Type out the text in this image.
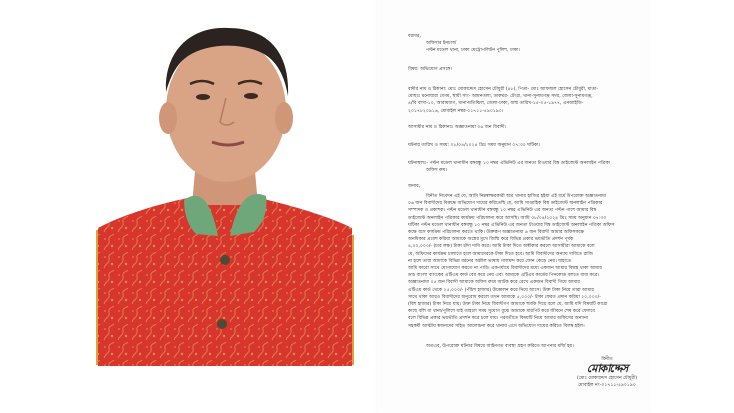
বরাবর,
অফিসার ইনচার্জ
পল্টন মডেল থানা, ঢাকা মেট্রোপলিটন পুলিশ, ঢাকা।
বিষয়: অভিযোগ প্রসঙ্গে।
বাদীর নাম ও ঠিকানা: মোঃ মোকাদ্দেস হোসেন চৌধুরী (৪৮), পিতা- মোঃ আফজল হোসেন চৌধুরী, মাতা-
মোছাঃ মনোয়ারা বেগম, স্থায়ী সাং- আমনতলা, ডাকঘর- টেংরা, থানা-সুনামগঞ্জ সদর, জেলা-সুনামগঞ্জ,
৪/বি বাসা-১০, আরামবাগ, থানা-মতিঝিল, জেলা-ঢাকা, জন্ম তারিখ-১৫-০৫-১৯৭৭, এনআইডি-
২০১৭৮২০৯১৬, মোবাইল নম্বর-০১৭১১-৫৯০১৯০।
আসামীর নাম ও ঠিকানাঃ অজ্ঞাতনামা ০৬ জন বিবাদী।
ঘটনার তারিখ ও সময়: ০৮/০৪/২০২৪ খ্রিঃ সময় অনুমান ০৭:৩০ ঘটিকা।
ঘটনাস্থলঃ- পল্টন মডেল থানাধীন বঙ্গবন্ধু ১০ নম্বর এভিনিউ এর জনতা টাওয়ার বিশ্ব ডাইজেস্ট অনলাইন পত্রিকা
অফিস রুম।
জনাব,
বিনীত নিবেদন এই যে, আমি নিম্নস্বাক্ষরকারী অত্র থানায় হাজির হইয়া এই মর্মে উপরোক্ত অজ্ঞাতনামা
০৬ জন বিবাদীদের বিরুদ্ধে অভিযোগ দায়ের করিতেছি যে, আমি সাপ্তাহিক বিশ্ব ডাইজেস্ট অনলাইন পত্রিকার
সম্পাদক ও প্রকাশক। পল্টন মডেল থানাধীন বঙ্গবন্ধু ১০ নম্বর এভিনিউ এর জনতা পল্টন পাশে আমার বিশ্ব
ডাইজেস্ট অনলাইন পত্রিকার কার্যক্রম পরিচালনা করে আসছি। আমি ০৮/০৪/২০২৪ খ্রিঃ সময় অনুমান ০৭:৩০
ঘটিকা পল্টন মডেল থানাধীন বঙ্গবন্ধু ১০ নম্বর এভিনিউ এর জনতা টাওয়ার বিশ্ব ডাইজেস্ট অনলাইন পত্রিকা অফিস
কক্ষে বসে কার্যক্রম পরিচালনা করতে থাকি। উক্তরূপ অজ্ঞাতনামা ৬ জন বিবাদী আমার অফিসকক্ষে
অনধিকার প্রবেশ করিয়া আমাকে অস্ত্রের মুখে জিম্মি করে বিভিন্ন প্রকার ভয়ভীতি প্রদর্শন পূর্বক
৪,০০,০০০/- (চার লক্ষ) টাকা চাঁদা দাবি করে। আমি টাকা দিতে অস্বীকার করলে আসামীরা আমাকে বলে
যে, অফিসের কার্যক্রম চালাতে হলে আমাদেরকে টাকা দিতে হবে। আমি বিবাদীদের অন্যায় দাবিতে রাজি
না হলে তারা আমাকে বিভিন্ন ধরনের অশ্লীল ভাষায় গালমন্দ করে ফোন কেড়ে নেয়। যাহাতে
আমি কারো সাথে যোগাযোগ করতে না পারি। একপর্যায়ে বিবাদীদের মধ্যে একজন আমার বিশ্বস্ত থাকা আমার
ডাচ বাংলা ব্যাংকের এটিএম কার্ড বের করে নেয় এবং আমাকে এটিএম কার্ডের পিনকোড বলতে বাধ্য করে।
অজ্ঞাতনামা ০৫ জন বিবাদী আমাকে অফিস রুমে আটক করে রেখে একজন বিবাদী গিয়ে আমার
এটিএম কার্ড থেকে ২৫,০০০/- (পঁচিশ হাজার) উত্তোলন করে নিয়ে আসে। উক্ত টাকা নিয়ে তারা আমার
সাথে থাকা আরও বিবাদীদের অনুরোধ করলে তখন আমাকে ৫,০০০/- টাকা ফেরত প্রদান করিয়া ২০,০০০/-
(বিশ হাজার) টাকা নিয়ে যায়। উক্ত টাকা নিয়ে বিবাদীগণ আমাকে হুমকি দিয়ে বলে যে, আমি যদি বিষয়টি কারো
কাছে বলি বা থানা/পুলিশে যাই তাহলে সময় সুযোগ বুঝে আমাকে মারপিট করে জীবনে শেষ করে ফেলবে
বলে বিভিন্ন প্রকার ভয়ভীতি প্রদর্শন করে চলে যায়। পরবর্তীতে বিষয়টি নিয়ে আমার অফিসের অন্যান্য
সহকর্মী আত্মীয় স্বজনদের সহিত আলোচনা করে থানায় এসে অভিযোগ দায়ের করিতে বিলম্ব হইল।
অতএব, উপরোক্ত ঘটনার বিষয়ে আইনগত ব্যবস্থা গ্রহণ করিতে আপনার মর্জি হয়।
বিনীত
মোকাদ্দেস
(মোঃ মোকাদ্দেস হোসেন চৌধুরী)
মোবাইল নং-০১৭১১-৫৯০১৯০
